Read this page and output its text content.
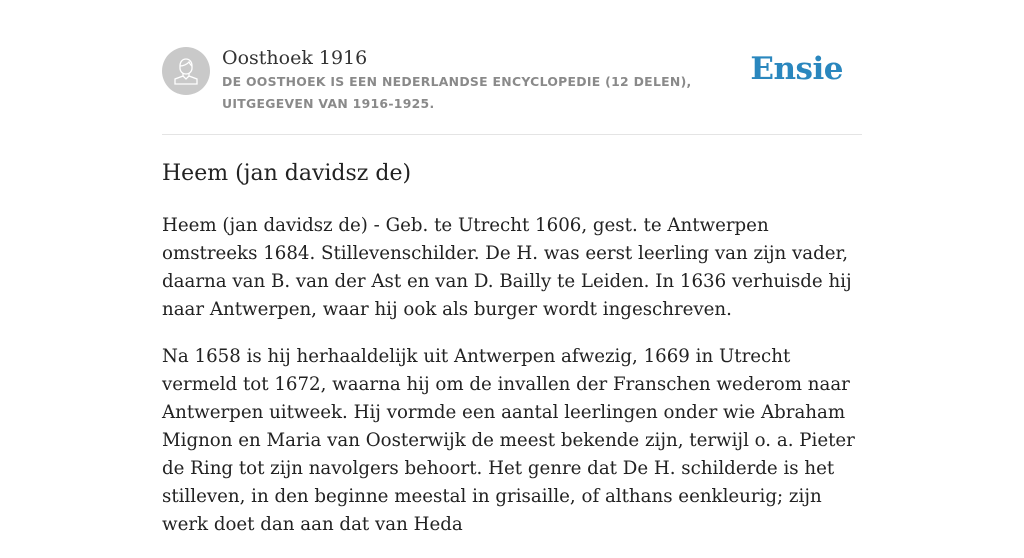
Oosthoek 1916
DE OOSTHOEK IS EEN NEDERLANDSE ENCYCLOPEDIE (12 DELEN), UITGEGEVEN VAN 1916-1925.
Ensie
Heem (jan davidsz de)

Heem (jan davidsz de) - Geb. te Utrecht 1606, gest. te Antwerpen omstreeks 1684. Stillevenschilder. De H. was eerst leerling van zijn vader, daarna van B. van der Ast en van D. Bailly te Leiden. In 1636 verhuisde hij naar Antwerpen, waar hij ook als burger wordt ingeschreven.

Na 1658 is hij herhaaldelijk uit Antwerpen afwezig, 1669 in Utrecht vermeld tot 1672, waarna hij om de invallen der Franschen wederom naar Antwerpen uitweek. Hij vormde een aantal leerlingen onder wie Abraham Mignon en Maria van Oosterwijk de meest bekende zijn, terwijl o. a. Pieter de Ring tot zijn navolgers behoort. Het genre dat De H. schilderde is het stilleven, in den beginne meestal in grisaille, of althans eenkleurig; zijn werk doet dan aan dat van Heda
